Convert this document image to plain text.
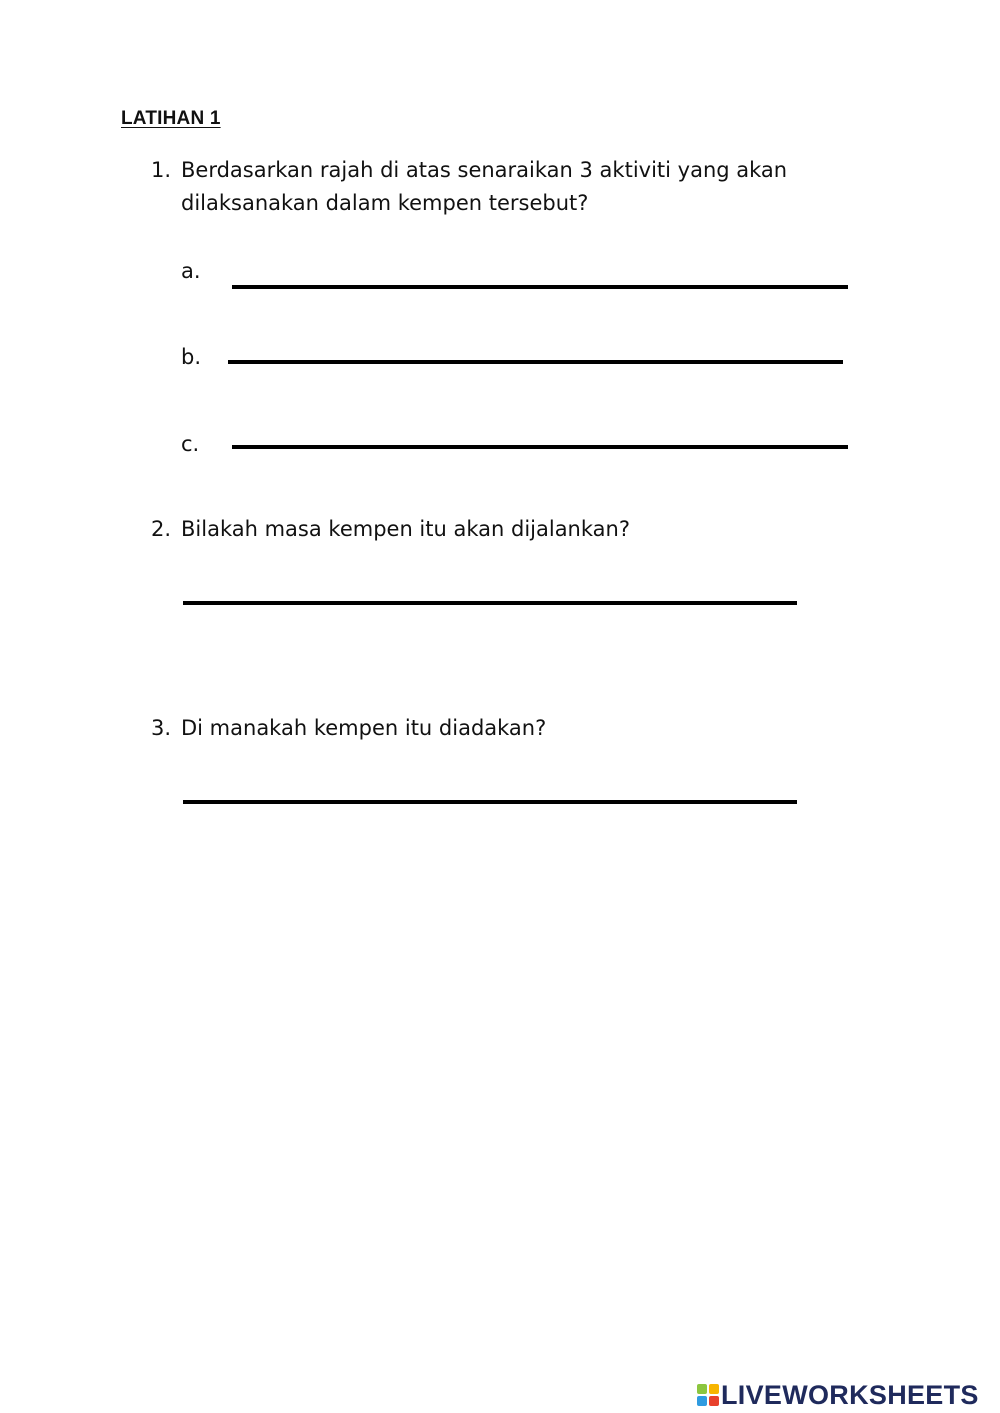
LATIHAN 1
1. Berdasarkan rajah di atas senaraikan 3 aktiviti yang akan
dilaksanakan dalam kempen tersebut?
a.
b.
c.
2. Bilakah masa kempen itu akan dijalankan?
3. Di manakah kempen itu diadakan?
LIVEWORKSHEETS
